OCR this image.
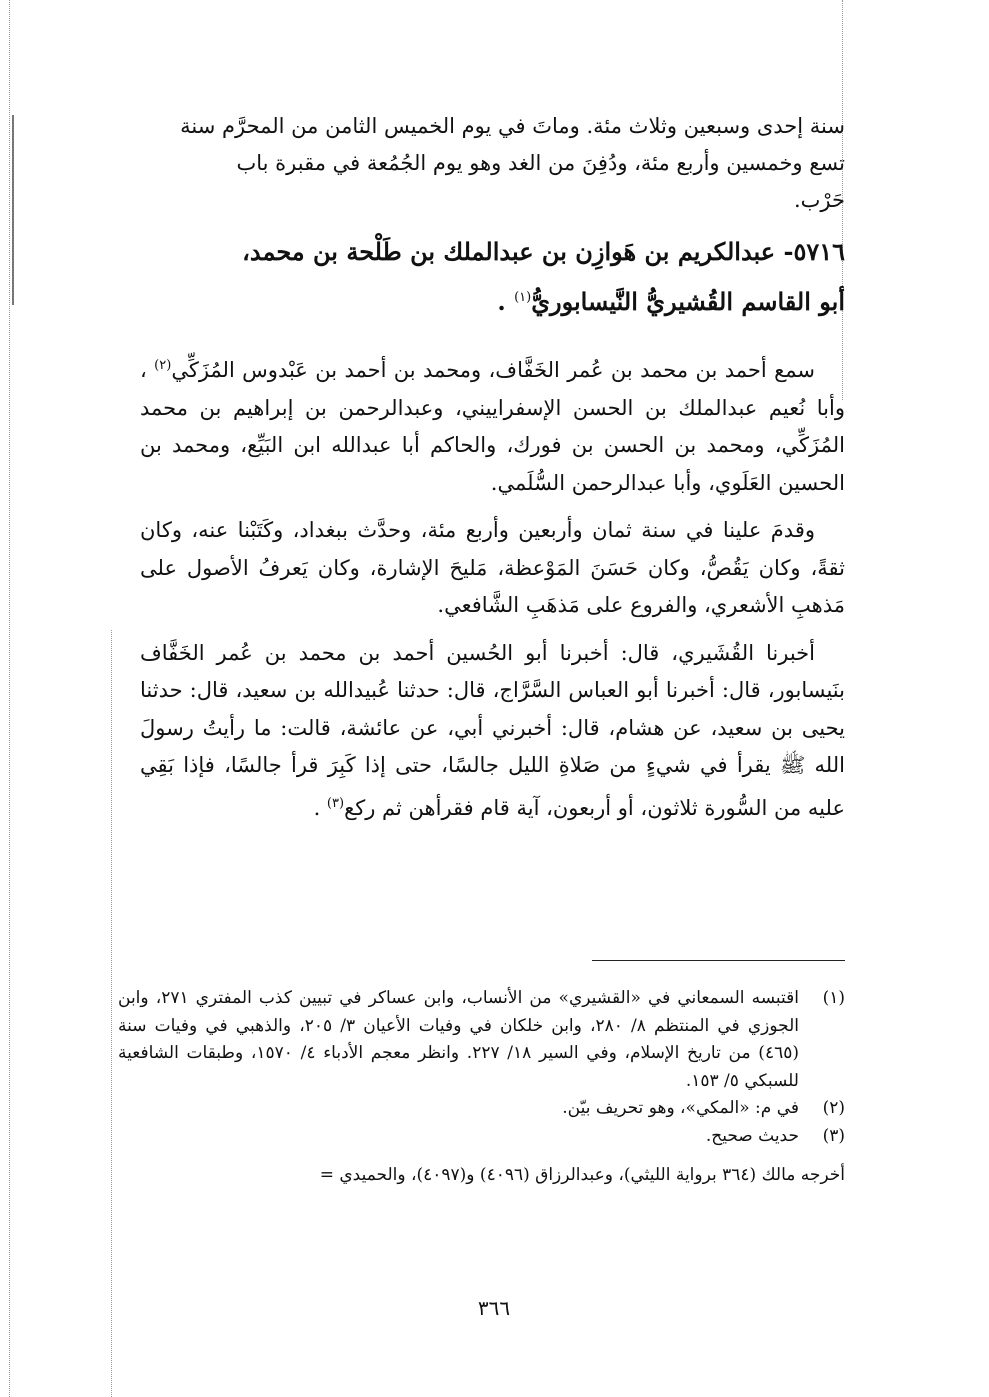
سنة إحدى وسبعين وثلاث مئة. وماتَ في يوم الخميس الثامن من المحرَّم سنة
تسع وخمسين وأربع مئة، ودُفِنَ من الغد وهو يوم الجُمُعة في مقبرة باب
حَرْب.
٥٧١٦- عبدالكريم بن هَوازِن بن عبدالملك بن طَلْحة بن محمد،
أبو القاسم القُشيريُّ النَّيسابوريُّ$^{(١)}$ .
سمع أحمد بن محمد بن عُمر الخَفَّاف، ومحمد بن أحمد بن عَبْدوس المُزَكِّي$^{(٢)}$ ، وأبا نُعيم عبدالملك بن الحسن الإسفراييني، وعبدالرحمن بن إبراهيم بن محمد المُزَكِّي، ومحمد بن الحسن بن فورك، والحاكم أبا عبدالله ابن البَيِّع، ومحمد بن الحسين العَلَوي، وأبا عبدالرحمن السُّلَمي.
وقدمَ علينا في سنة ثمان وأربعين وأربع مئة، وحدَّث ببغداد، وكَتَبْنا عنه، وكان ثقةً، وكان يَقُصُّ، وكان حَسَنَ المَوْعظة، مَليحَ الإشارة، وكان يَعرفُ الأصول على مَذهبِ الأشعري، والفروع على مَذهَبِ الشَّافعي.
أخبرنا القُشَيري، قال: أخبرنا أبو الحُسين أحمد بن محمد بن عُمر الخَفَّاف بنَيسابور، قال: أخبرنا أبو العباس السَّرَّاج، قال: حدثنا عُبيدالله بن سعيد، قال: حدثنا يحيى بن سعيد، عن هشام، قال: أخبرني أبي، عن عائشة، قالت: ما رأيتُ رسولَ الله ﷺ يقرأ في شيءٍ من صَلاةِ الليل جالسًا، حتى إذا كَبِرَ قرأ جالسًا، فإذا بَقِي عليه من السُّورة ثلاثون، أو أربعون، آية قام فقرأهن ثم ركع$^{(٣)}$ .
(١)
اقتبسه السمعاني في «القشيري» من الأنساب، وابن عساكر في تبيين كذب المفتري ٢٧١، وابن الجوزي في المنتظم ٨/ ٢٨٠، وابن خلكان في وفيات الأعيان ٣/ ٢٠٥، والذهبي في وفيات سنة (٤٦٥) من تاريخ الإسلام، وفي السير ١٨/ ٢٢٧. وانظر معجم الأدباء ٤/ ١٥٧٠، وطبقات الشافعية للسبكي ٥/ ١٥٣.
(٢)
في م: «المكي»، وهو تحريف بيّن.
(٣)
حديث صحيح.
أخرجه مالك (٣٦٤ برواية الليثي)، وعبدالرزاق (٤٠٩٦) و(٤٠٩٧)، والحميدي =
٣٦٦
